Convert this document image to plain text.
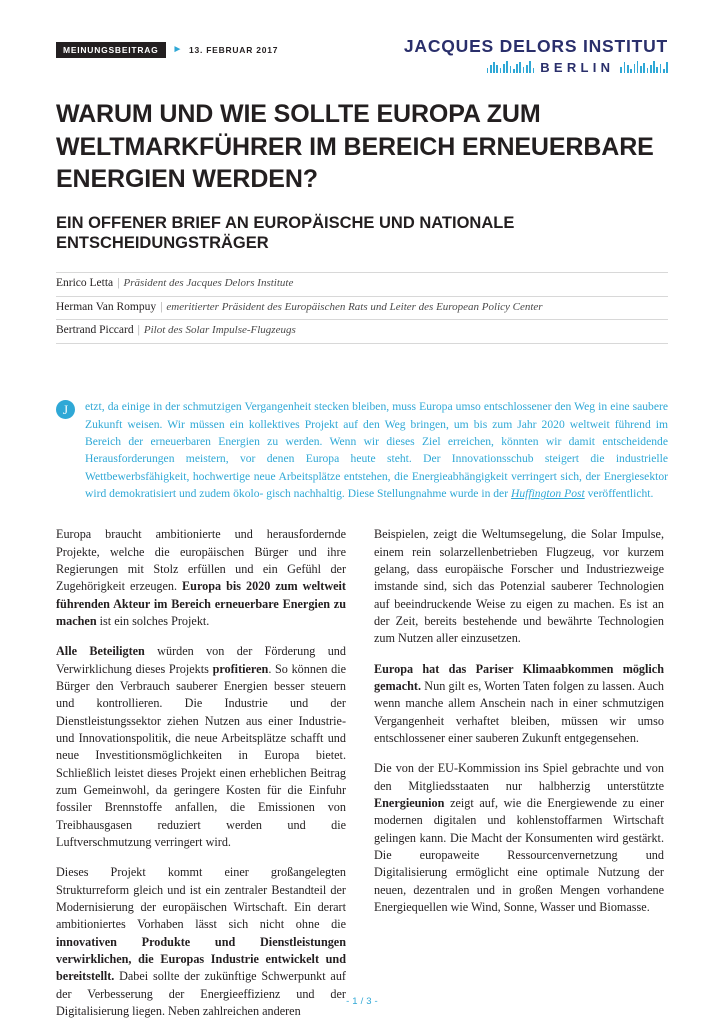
MEINUNGSBEITRAG	► 13. FEBRUAR 2017	JACQUES DELORS INSTITUT
BERLIN
WARUM UND WIE SOLLTE EUROPA ZUM WELTMARKFÜHRER IM BEREICH ERNEUERBARE ENERGIEN WERDEN?
EIN OFFENER BRIEF AN EUROPÄISCHE UND NATIONALE ENTSCHEIDUNGSTRÄGER
Enrico Letta | Präsident des Jacques Delors Institute
Herman Van Rompuy | emeritierter Präsident des Europäischen Rats und Leiter des European Policy Center
Bertrand Piccard | Pilot des Solar Impulse-Flugzeugs
J	etzt, da einige in der schmutzigen Vergangenheit stecken bleiben, muss Europa umso entschlossener den Weg in eine saubere Zukunft weisen. Wir müssen ein kollektives Projekt auf den Weg bringen, um bis zum Jahr 2020 weltweit führend im Bereich der erneuerbaren Energien zu werden. Wenn wir dieses Ziel erreichen, könnten wir damit entscheidende Herausforderungen meistern, vor denen Europa heute steht. Der Innovationsschub steigert die industrielle Wettbewerbsfähigkeit, hochwertige neue Arbeitsplätze entstehen, die Energieabhängigkeit verringert sich, der Energiesektor wird demokratisiert und zudem ökolo- gisch nachhaltig. Diese Stellungnahme wurde in der Huffington Post veröffentlicht.

Europa braucht ambitionierte und herausfordernde Projekte, welche die europäischen Bürger und ihre Regierungen mit Stolz erfüllen und ein Gefühl der Zugehörigkeit erzeugen. Europa bis 2020 zum weltweit führenden Akteur im Bereich erneuerbare Energien zu machen ist ein solches Projekt.

Alle Beteiligten würden von der Förderung und Verwirklichung dieses Projekts profitieren. So können die Bürger den Verbrauch sauberer Energien besser steuern und kontrollieren. Die Industrie und der Dienstleistungssektor ziehen Nutzen aus einer Industrie-und Innovationspolitik, die neue Arbeitsplätze schafft und neue Investitionsmöglichkeiten in Europa bietet. Schließlich leistet dieses Projekt einen erheblichen Beitrag zum Gemeinwohl, da geringere Kosten für die Einfuhr fossiler Brennstoffe anfallen, die Emissionen von Treibhausgasen reduziert werden und die Luftverschmutzung verringert wird.

Dieses Projekt kommt einer großangelegten Strukturreform gleich und ist ein zentraler Bestandteil der Modernisierung der europäischen Wirtschaft. Ein derart ambitioniertes Vorhaben lässt sich nicht ohne die innovativen Produkte und Dienstleistungen verwirklichen, die Europas Industrie entwickelt und bereitstellt. Dabei sollte der zukünftige Schwerpunkt auf der Verbesserung der Energieeffizienz und der Digitalisierung liegen. Neben zahlreichen anderen

Beispielen, zeigt die Weltumsegelung, die Solar Impulse, einem rein solarzellenbetrieben Flugzeug, vor kurzem gelang, dass europäische Forscher und Industriezweige imstande sind, sich das Potenzial sauberer Technologien auf beeindruckende Weise zu eigen zu machen. Es ist an der Zeit, bereits bestehende und bewährte Technologien zum Nutzen aller einzusetzen.

Europa hat das Pariser Klimaabkommen möglich gemacht. Nun gilt es, Worten Taten folgen zu lassen. Auch wenn manche allem Anschein nach in einer schmutzigen Vergangenheit verhaftet bleiben, müssen wir umso entschlossener einer sauberen Zukunft entgegensehen.

Die von der EU-Kommission ins Spiel gebrachte und von den Mitgliedsstaaten nur halbherzig unterstützte Energieunion zeigt auf, wie die Energiewende zu einer modernen digitalen und kohlenstoffarmen Wirtschaft gelingen kann. Die Macht der Konsumenten wird gestärkt. Die europaweite Ressourcenvernetzung und Digitalisierung ermöglicht eine optimale Nutzung der neuen, dezentralen und in großen Mengen vorhandene Energiequellen wie Wind, Sonne, Wasser und Biomasse.

- 1 / 3 -
